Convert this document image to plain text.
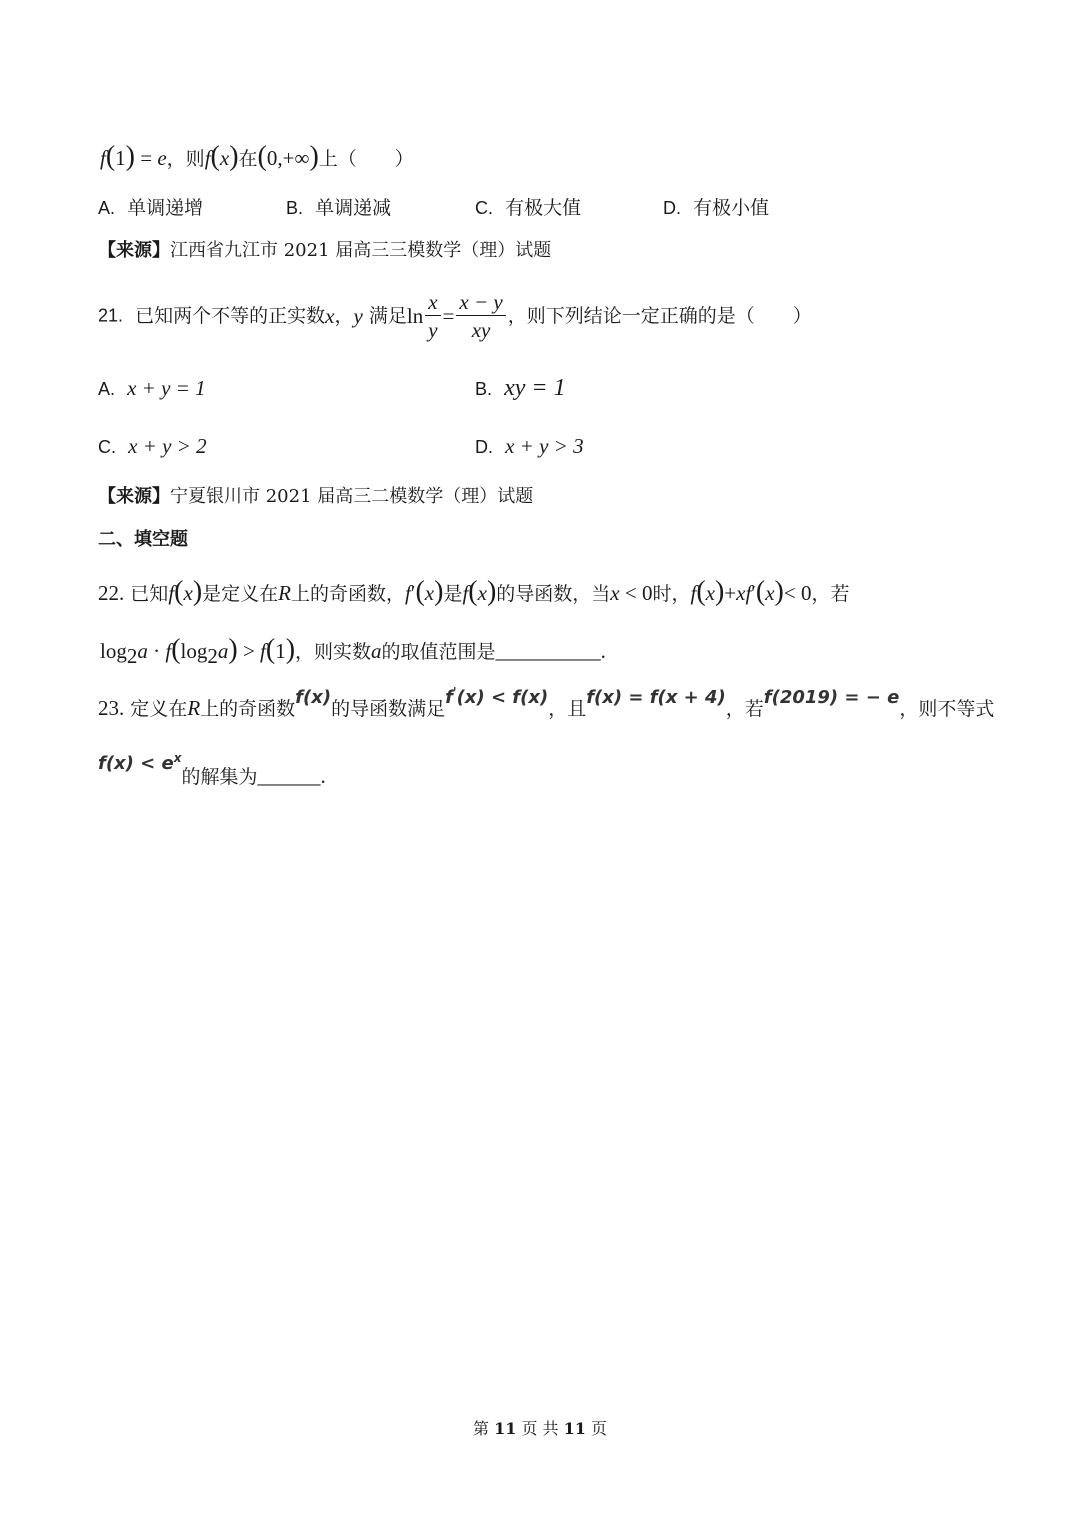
f(1) = e，则f(x)在(0,+∞)上（　　）
A. 单调递增	B. 单调递减	C. 有极大值	D. 有极小值
【来源】江西省九江市 2021 届高三三模数学（理）试题
21. 已知两个不等的正实数x，y 满足$\ln \frac{x}{y} = \frac{x - y}{xy}$ ，则下列结论一定正确的是（　　）
A. x + y = 1	B. xy = 1
C. x + y > 2	D. x + y > 3
【来源】宁夏银川市 2021 届高三二模数学（理）试题
二、填空题
22. 已知f(x)是定义在R上的奇函数，f′(x)是f(x)的导函数，当x < 0时，f(x)+xf′(x)< 0，若
$\log_2a \cdot f(\log_2a) > f(1)$，则实数a的取值范围是__________.
23. 定义在R上的奇函数f(x)的导函数满足f'(x) < f(x)，且f(x) = f(x + 4)，若f(2019) = − e，则不等式
$f(x) < e^x$的解集为______.
第 11 页 共 11 页
